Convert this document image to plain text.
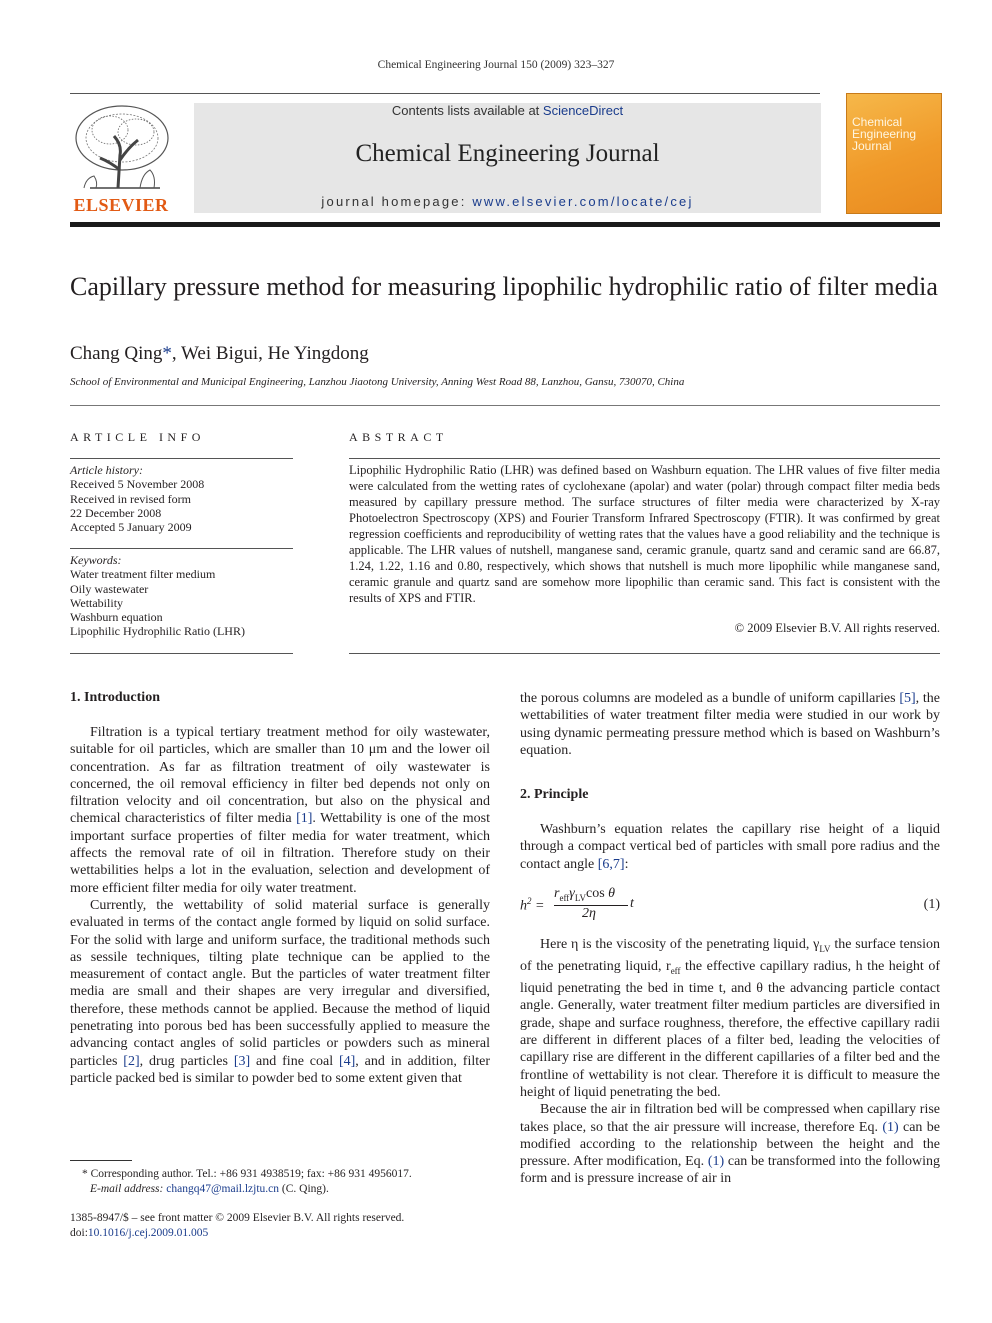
Chemical Engineering Journal 150 (2009) 323–327
ELSEVIER
Contents lists available at ScienceDirect
Chemical Engineering Journal
journal homepage: www.elsevier.com/locate/cej
Chemical
Engineering
Journal
Capillary pressure method for measuring lipophilic hydrophilic ratio of filter media
Chang Qing*, Wei Bigui, He Yingdong
School of Environmental and Municipal Engineering, Lanzhou Jiaotong University, Anning West Road 88, Lanzhou, Gansu, 730070, China
ARTICLE INFO
Article history:
Received 5 November 2008
Received in revised form
22 December 2008
Accepted 5 January 2009
Keywords:
Water treatment filter medium
Oily wastewater
Wettability
Washburn equation
Lipophilic Hydrophilic Ratio (LHR)
ABSTRACT
Lipophilic Hydrophilic Ratio (LHR) was defined based on Washburn equation. The LHR values of five filter media were calculated from the wetting rates of cyclohexane (apolar) and water (polar) through compact filter media beds measured by capillary pressure method. The surface structures of filter media were characterized by X-ray Photoelectron Spectroscopy (XPS) and Fourier Transform Infrared Spectroscopy (FTIR). It was confirmed by great regression coefficients and reproducibility of wetting rates that the values have a good reliability and the technique is applicable. The LHR values of nutshell, manganese sand, ceramic granule, quartz sand and ceramic sand are 66.87, 1.24, 1.22, 1.16 and 0.80, respectively, which shows that nutshell is much more lipophilic while manganese sand, ceramic granule and quartz sand are somehow more lipophilic than ceramic sand. This fact is consistent with the results of XPS and FTIR.
© 2009 Elsevier B.V. All rights reserved.
1. Introduction

Filtration is a typical tertiary treatment method for oily wastewater, suitable for oil particles, which are smaller than 10 μm and the lower oil concentration. As far as filtration treatment of oily wastewater is concerned, the oil removal efficiency in filter bed depends not only on filtration velocity and oil concentration, but also on the physical and chemical characteristics of filter media [1]. Wettability is one of the most important surface properties of filter media for water treatment, which affects the removal rate of oil in filtration. Therefore study on their wettabilities helps a lot in the evaluation, selection and development of more efficient filter media for oily water treatment.

Currently, the wettability of solid material surface is generally evaluated in terms of the contact angle formed by liquid on solid surface. For the solid with large and uniform surface, the traditional methods such as sessile techniques, tilting plate technique can be applied to the measurement of contact angle. But the particles of water treatment filter media are small and their shapes are very irregular and diversified, therefore, these methods cannot be applied. Because the method of liquid penetrating into porous bed has been successfully applied to measure the advancing contact angles of solid particles or powders such as mineral particles [2], drug particles [3] and fine coal [4], and in addition, filter particle packed bed is similar to powder bed to some extent given that

* Corresponding author. Tel.: +86 931 4938519; fax: +86 931 4956017.
E-mail address: changq47@mail.lzjtu.cn (C. Qing).
1385-8947/$ – see front matter © 2009 Elsevier B.V. All rights reserved.
doi:10.1016/j.cej.2009.01.005

the porous columns are modeled as a bundle of uniform capillaries [5], the wettabilities of water treatment filter media were studied in our work by using dynamic permeating pressure method which is based on Washburn’s equation.

2. Principle

Washburn’s equation relates the capillary rise height of a liquid through a compact vertical bed of particles with small pore radius and the contact angle [6,7]:

$h^2$ =
$r_{eff}\gamma_{LV}\cos$ θ
2η
t	(1)

Here η is the viscosity of the penetrating liquid, $\gamma_{LV}$ the surface tension of the penetrating liquid, $r_{eff}$ the effective capillary radius, h the height of liquid penetrating the bed in time t, and θ the advancing particle contact angle. Generally, water treatment filter medium particles are diversified in grade, shape and surface roughness, therefore, the effective capillary radii are different in different places of a filter bed, leading the velocities of capillary rise are different in the different capillaries of a filter bed and the frontline of wettability is not clear. Therefore it is difficult to measure the height of liquid penetrating the bed.

Because the air in filtration bed will be compressed when capillary rise takes place, so that the air pressure will increase, therefore Eq. (1) can be modified according to the relationship between the height and the pressure. After modification, Eq. (1) can be transformed into the following form and is pressure increase of air in
